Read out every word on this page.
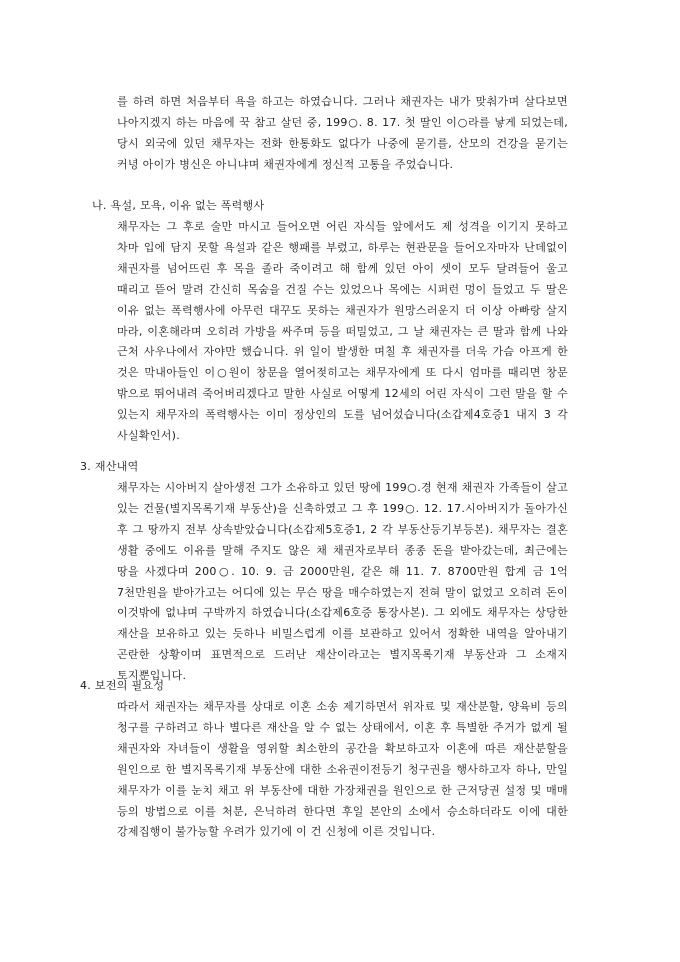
를 하려 하면 처음부터 욕을 하고는 하였습니다. 그러나 채권자는 내가 맞춰가며 살다보면 나아지겠지 하는 마음에 꾹 참고 살던 중, 199○. 8. 17. 첫 딸인 이○라를 낳게 되었는데, 당시 외국에 있던 채무자는 전화 한통화도 없다가 나중에 묻기를, 산모의 건강을 묻기는 커녕 아이가 병신은 아니냐며 채권자에게 정신적 고통을 주었습니다.

나. 욕설, 모욕, 이유 없는 폭력행사

채무자는 그 후로 술만 마시고 들어오면 어린 자식들 앞에서도 제 성격을 이기지 못하고 차마 입에 담지 못할 욕설과 같은 행패를 부렸고, 하루는 현관문을 들어오자마자 난데없이 채권자를 넘어뜨린 후 목을 졸라 죽이려고 해 함께 있던 아이 셋이 모두 달려들어 울고 때리고 뜯어 말려 간신히 목숨을 건질 수는 있었으나 목에는 시퍼런 멍이 들었고 두 딸은 이유 없는 폭력행사에 아무런 대꾸도 못하는 채권자가 원망스러운지 더 이상 아빠랑 살지 마라, 이혼해라며 오히려 가방을 싸주며 등을 떠밀었고, 그 날 채권자는 큰 딸과 함께 나와 근처 사우나에서 자야만 했습니다. 위 일이 발생한 며칠 후 채권자를 더욱 가슴 아프게 한 것은 막내아들인 이○원이 창문을 열어젖히고는 채무자에게 또 다시 엄마를 때리면 창문 밖으로 뛰어내려 죽어버리겠다고 말한 사실로 어떻게 12세의 어린 자식이 그런 말을 할 수 있는지 채무자의 폭력행사는 이미 정상인의 도를 넘어섰습니다(소갑제4호증1 내지 3 각 사실확인서).

3. 재산내역

채무자는 시아버지 살아생전 그가 소유하고 있던 땅에 199○.경 현재 채권자 가족들이 살고 있는 건물(별지목록기재 부동산)을 신축하였고 그 후 199○. 12. 17.시아버지가 돌아가신 후 그 땅까지 전부 상속받았습니다(소갑제5호증1, 2 각 부동산등기부등본). 채무자는 결혼 생활 중에도 이유를 말해 주지도 않은 채 채권자로부터 종종 돈을 받아갔는데, 최근에는 땅을 사겠다며 200○. 10. 9. 금 2000만원, 같은 해 11. 7. 8700만원 합계 금 1억 7천만원을 받아가고는 어디에 있는 무슨 땅을 매수하였는지 전혀 말이 없었고 오히려 돈이 이것밖에 없냐며 구박까지 하였습니다(소갑제6호증 통장사본). 그 외에도 채무자는 상당한 재산을 보유하고 있는 듯하나 비밀스럽게 이를 보관하고 있어서 정확한 내역을 알아내기 곤란한 상황이며 표면적으로 드러난 재산이라고는 별지목록기재 부동산과 그 소재지 토지뿐입니다.

4. 보전의 필요성

따라서 채권자는 채무자를 상대로 이혼 소송 제기하면서 위자료 및 재산분할, 양육비 등의 청구를 구하려고 하나 별다른 재산을 알 수 없는 상태에서, 이혼 후 특별한 주거가 없게 될 채권자와 자녀들이 생활을 영위할 최소한의 공간을 확보하고자 이혼에 따른 재산분할을 원인으로 한 별지목록기재 부동산에 대한 소유권이전등기 청구권을 행사하고자 하나, 만일 채무자가 이를 눈치 채고 위 부동산에 대한 가장채권을 원인으로 한 근저당권 설정 및 매매 등의 방법으로 이를 처분, 은닉하려 한다면 후일 본안의 소에서 승소하더라도 이에 대한 강제집행이 불가능할 우려가 있기에 이 건 신청에 이른 것입니다.
